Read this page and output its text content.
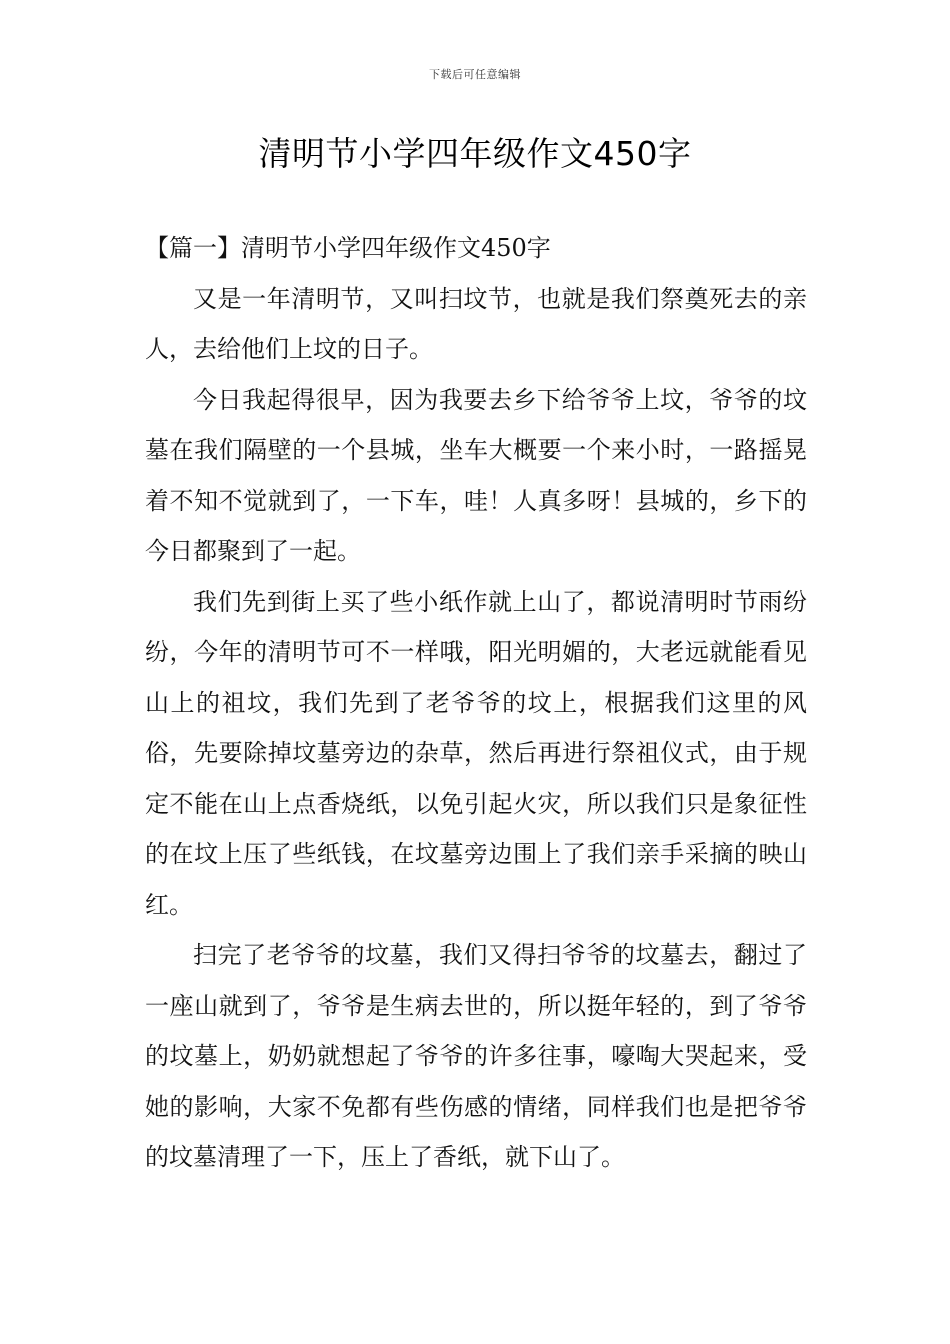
下载后可任意编辑
清明节小学四年级作文450字
【篇一】清明节小学四年级作文450字

又是一年清明节，又叫扫坟节，也就是我们祭奠死去的亲人，去给他们上坟的日子。

今日我起得很早，因为我要去乡下给爷爷上坟，爷爷的坟墓在我们隔壁的一个县城，坐车大概要一个来小时，一路摇晃着不知不觉就到了，一下车，哇！人真多呀！县城的，乡下的今日都聚到了一起。

我们先到街上买了些小纸作就上山了，都说清明时节雨纷纷，今年的清明节可不一样哦，阳光明媚的，大老远就能看见山上的祖坟，我们先到了老爷爷的坟上，根据我们这里的风俗，先要除掉坟墓旁边的杂草，然后再进行祭祖仪式，由于规定不能在山上点香烧纸，以免引起火灾，所以我们只是象征性的在坟上压了些纸钱，在坟墓旁边围上了我们亲手采摘的映山红。

扫完了老爷爷的坟墓，我们又得扫爷爷的坟墓去，翻过了一座山就到了，爷爷是生病去世的，所以挺年轻的，到了爷爷的坟墓上，奶奶就想起了爷爷的许多往事，嚎啕大哭起来，受她的影响，大家不免都有些伤感的情绪，同样我们也是把爷爷的坟墓清理了一下，压上了香纸，就下山了。
